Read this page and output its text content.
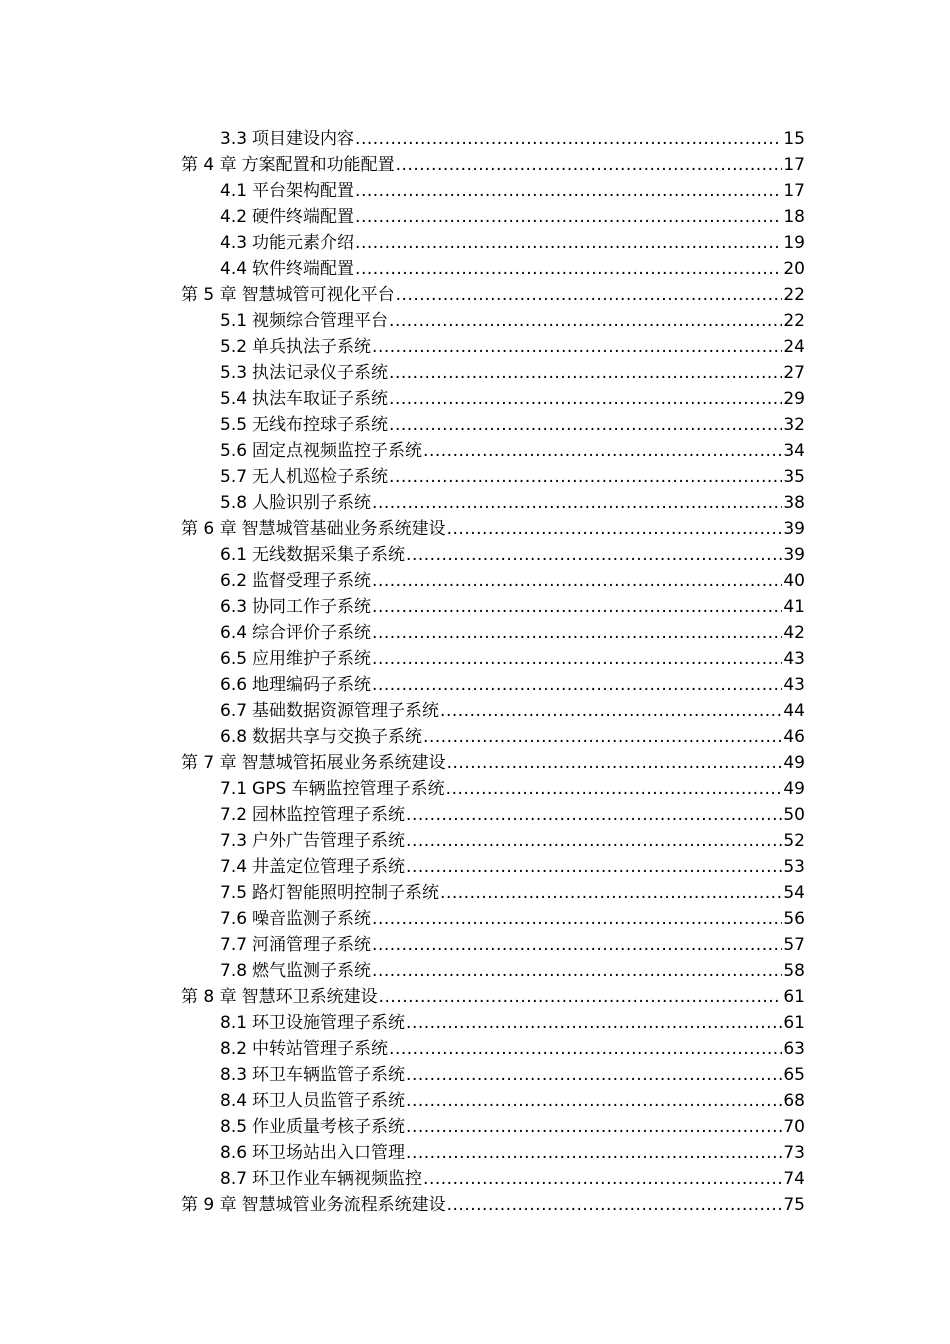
3.3 项目建设内容 .....	15
第 4 章 方案配置和功能配置 .....	17
4.1 平台架构配置 .....	17
4.2 硬件终端配置 .....	18
4.3 功能元素介绍 .....	19
4.4 软件终端配置 .....	20
第 5 章 智慧城管可视化平台 .....	22
5.1 视频综合管理平台 .....	22
5.2 单兵执法子系统 .....	24
5.3 执法记录仪子系统 .....	27
5.4 执法车取证子系统 .....	29
5.5 无线布控球子系统 .....	32
5.6 固定点视频监控子系统 .....	34
5.7 无人机巡检子系统 .....	35
5.8 人脸识别子系统 .....	38
第 6 章 智慧城管基础业务系统建设 .....	39
6.1 无线数据采集子系统 .....	39
6.2 监督受理子系统 .....	40
6.3 协同工作子系统 .....	41
6.4 综合评价子系统 .....	42
6.5 应用维护子系统 .....	43
6.6 地理编码子系统 .....	43
6.7 基础数据资源管理子系统 .....	44
6.8 数据共享与交换子系统 .....	46
第 7 章 智慧城管拓展业务系统建设 .....	49
7.1 GPS 车辆监控管理子系统 .....	49
7.2 园林监控管理子系统 .....	50
7.3 户外广告管理子系统 .....	52
7.4 井盖定位管理子系统 .....	53
7.5 路灯智能照明控制子系统 .....	54
7.6 噪音监测子系统 .....	56
7.7 河涌管理子系统 .....	57
7.8 燃气监测子系统 .....	58
第 8 章 智慧环卫系统建设 .....	61
8.1 环卫设施管理子系统 .....	61
8.2 中转站管理子系统 .....	63
8.3 环卫车辆监管子系统 .....	65
8.4 环卫人员监管子系统 .....	68
8.5 作业质量考核子系统 .....	70
8.6 环卫场站出入口管理 .....	73
8.7 环卫作业车辆视频监控 .....	74
第 9 章 智慧城管业务流程系统建设 .....	75
